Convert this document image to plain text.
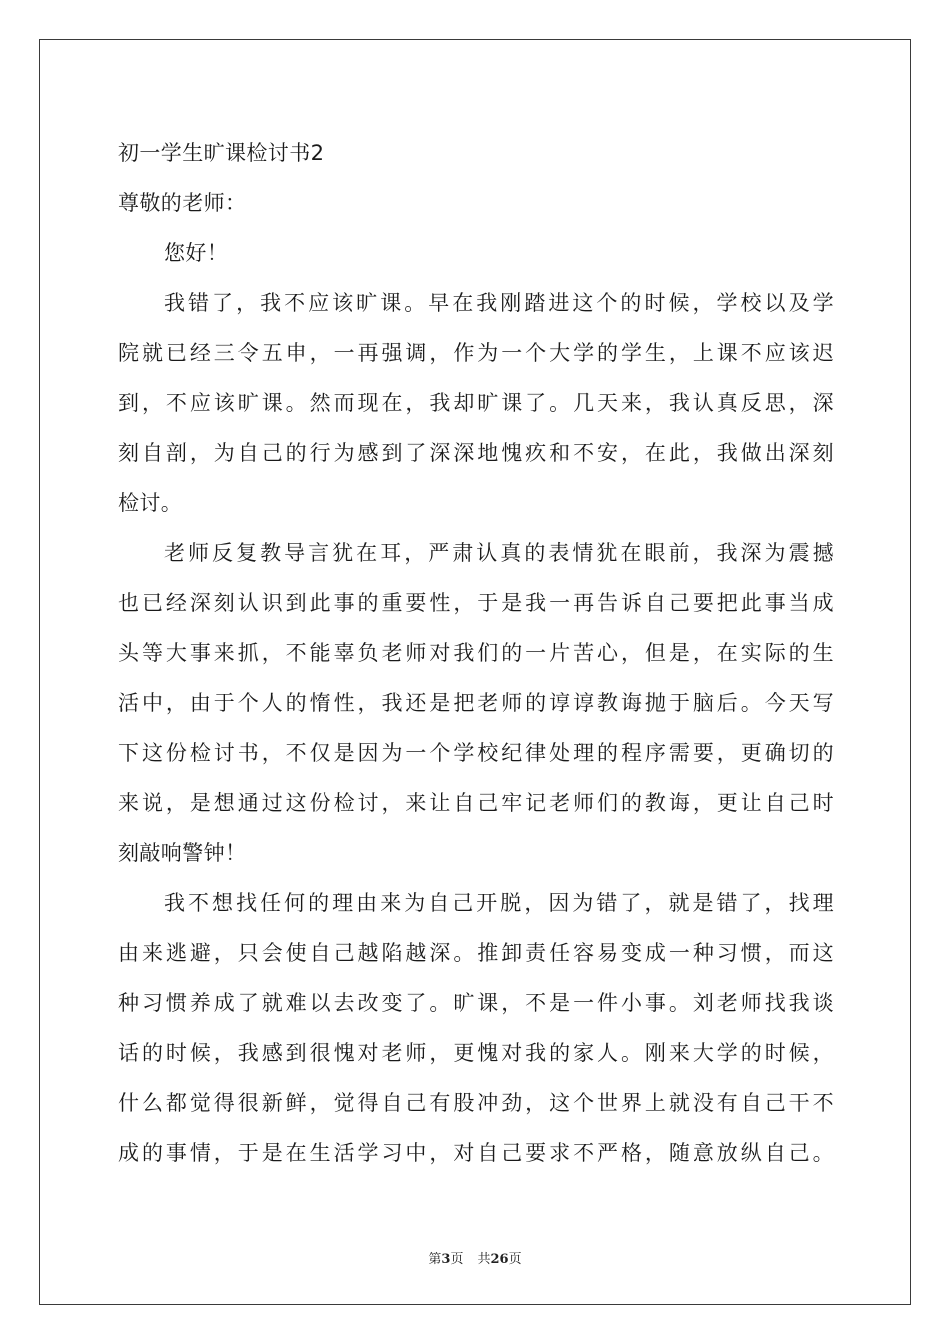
初一学生旷课检讨书2
尊敬的老师：
您好！
我错了，我不应该旷课。早在我刚踏进这个的时候，学校以及学
院就已经三令五申，一再强调，作为一个大学的学生，上课不应该迟
到，不应该旷课。然而现在，我却旷课了。几天来，我认真反思，深
刻自剖，为自己的行为感到了深深地愧疚和不安，在此，我做出深刻
检讨。
老师反复教导言犹在耳，严肃认真的表情犹在眼前，我深为震撼
也已经深刻认识到此事的重要性，于是我一再告诉自己要把此事当成
头等大事来抓，不能辜负老师对我们的一片苦心，但是，在实际的生
活中，由于个人的惰性，我还是把老师的谆谆教诲抛于脑后。今天写
下这份检讨书，不仅是因为一个学校纪律处理的程序需要，更确切的
来说，是想通过这份检讨，来让自己牢记老师们的教诲，更让自己时
刻敲响警钟！
我不想找任何的理由来为自己开脱，因为错了，就是错了，找理
由来逃避，只会使自己越陷越深。推卸责任容易变成一种习惯，而这
种习惯养成了就难以去改变了。旷课，不是一件小事。刘老师找我谈
话的时候，我感到很愧对老师，更愧对我的家人。刚来大学的时候，
什么都觉得很新鲜，觉得自己有股冲劲，这个世界上就没有自己干不
成的事情，于是在生活学习中，对自己要求不严格，随意放纵自己。
第3页 共26页
